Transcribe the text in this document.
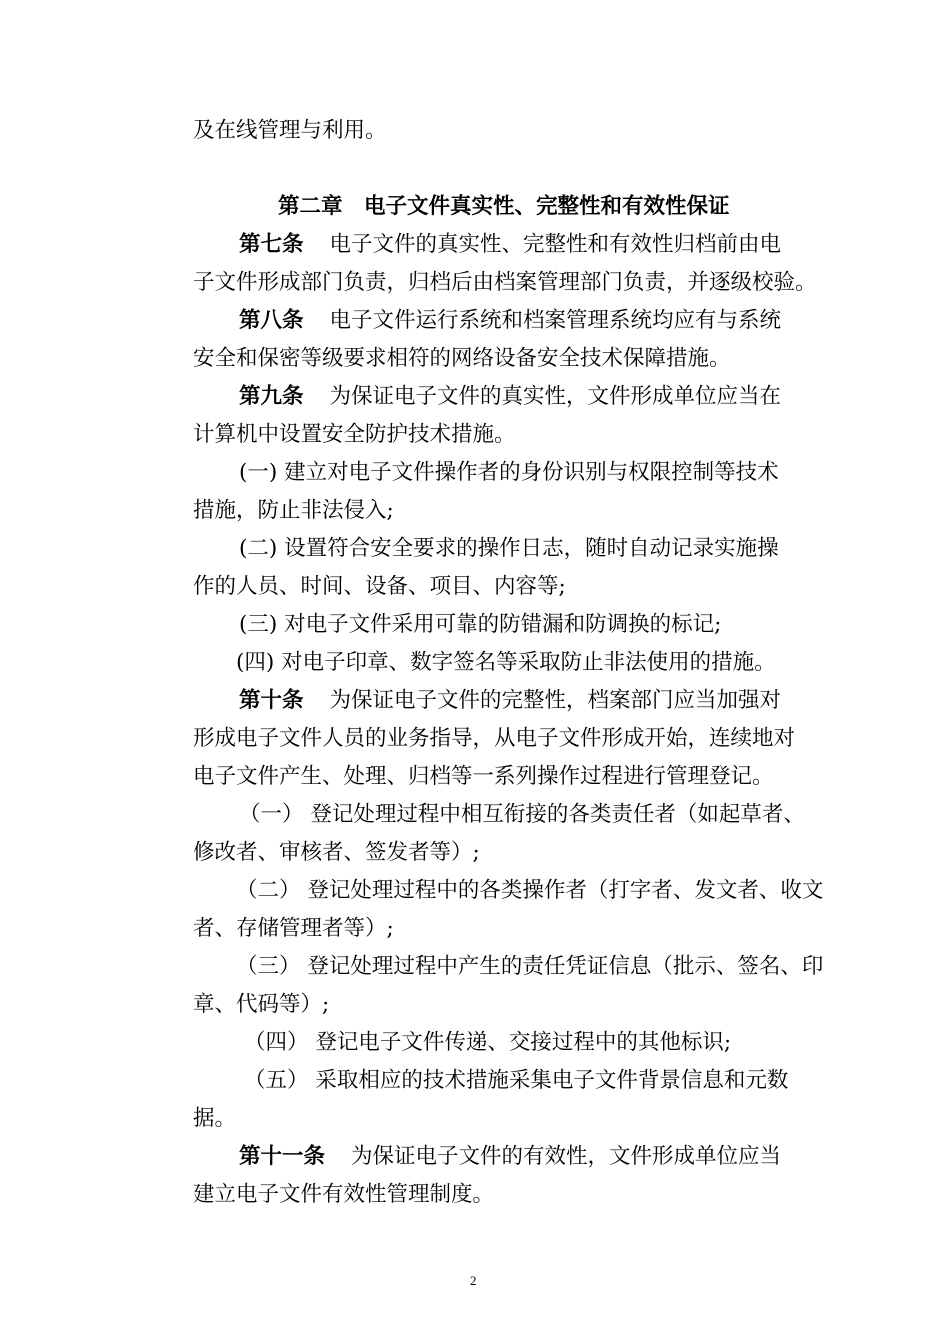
及在线管理与利用。
第二章　电子文件真实性、完整性和有效性保证
第七条 电子文件的真实性、完整性和有效性归档前由电
子文件形成部门负责，归档后由档案管理部门负责，并逐级校验。
第八条 电子文件运行系统和档案管理系统均应有与系统
安全和保密等级要求相符的网络设备安全技术保障措施。
第九条 为保证电子文件的真实性，文件形成单位应当在
计算机中设置安全防护技术措施。
(一) 建立对电子文件操作者的身份识别与权限控制等技术
措施，防止非法侵入;
(二) 设置符合安全要求的操作日志，随时自动记录实施操
作的人员、时间、设备、项目、内容等;
(三) 对电子文件采用可靠的防错漏和防调换的标记;
(四) 对电子印章、数字签名等采取防止非法使用的措施。
第十条 为保证电子文件的完整性，档案部门应当加强对
形成电子文件人员的业务指导，从电子文件形成开始，连续地对
电子文件产生、处理、归档等一系列操作过程进行管理登记。
（一） 登记处理过程中相互衔接的各类责任者（如起草者、
修改者、审核者、签发者等）;
（二） 登记处理过程中的各类操作者（打字者、发文者、收文
者、存储管理者等）;
（三） 登记处理过程中产生的责任凭证信息（批示、签名、印
章、代码等）;
（四） 登记电子文件传递、交接过程中的其他标识;
（五） 采取相应的技术措施采集电子文件背景信息和元数
据。
第十一条 为保证电子文件的有效性，文件形成单位应当
建立电子文件有效性管理制度。
2
